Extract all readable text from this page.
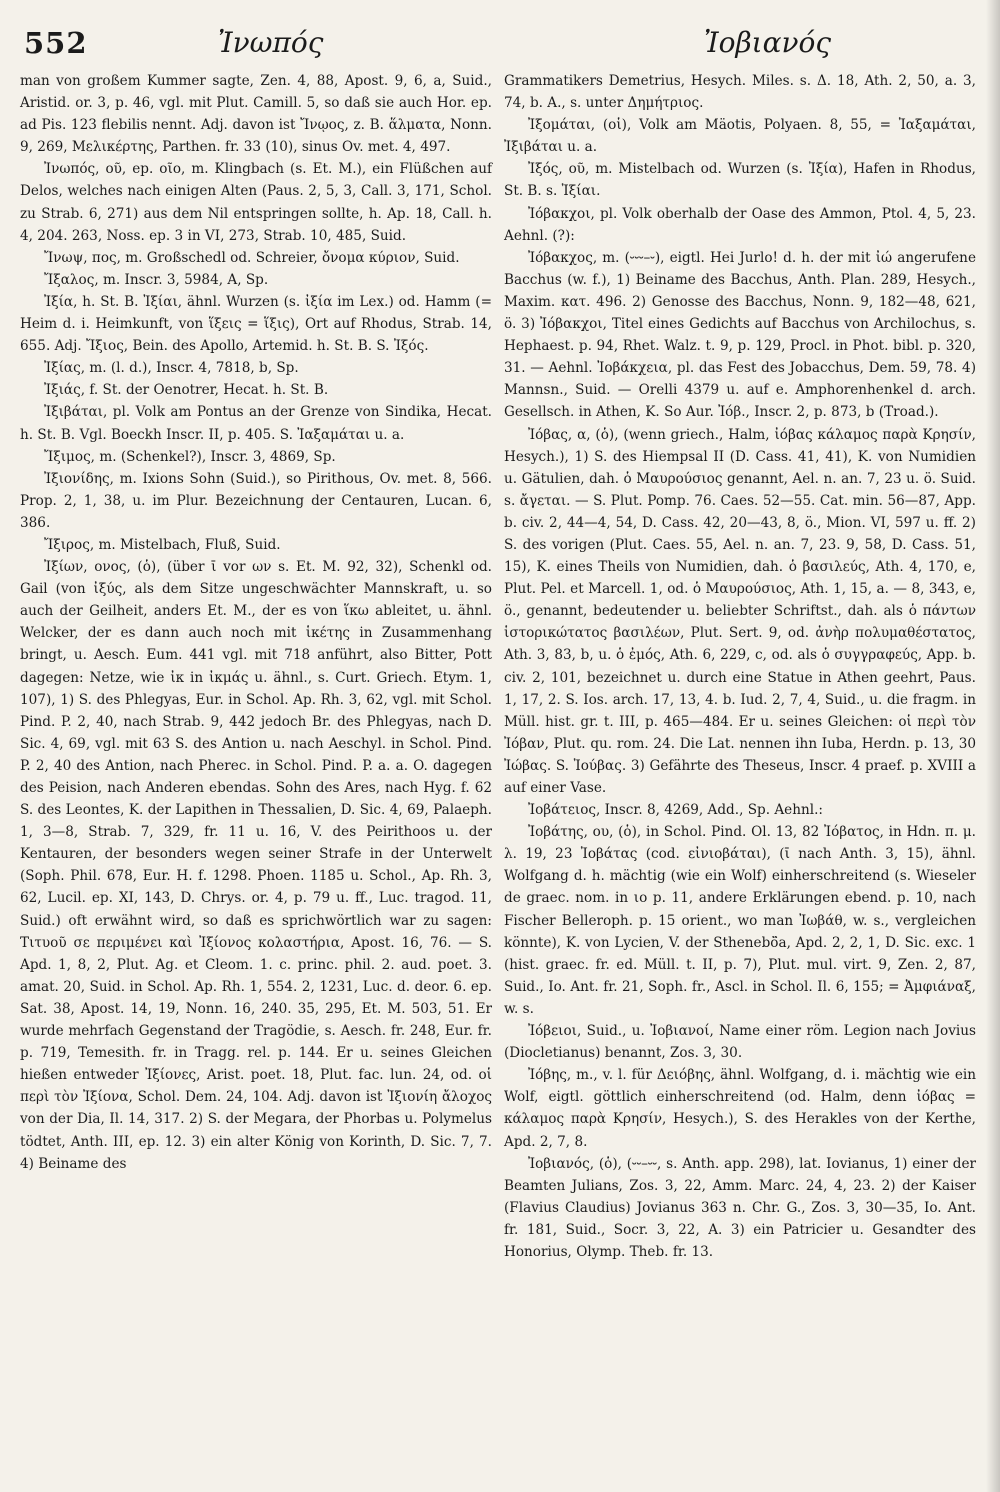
552	Ἰνωπός	Ἰοβιανός

man von großem Kummer sagte, Zen. 4, 88, Apost. 9, 6, a, Suid., Aristid. or. 3, p. 46, vgl. mit Plut. Camill. 5, so daß sie auch Hor. ep. ad Pis. 123 flebilis nennt. Adj. davon ist Ἴνῳος, z. B. ἅλματα, Nonn. 9, 269, Μελικέρτης, Parthen. fr. 33 (10), sinus Ov. met. 4, 497.

Ἰνωπός, οῦ, ep. οῖο, m. Klingbach (s. Et. M.), ein Flüßchen auf Delos, welches nach einigen Alten (Paus. 2, 5, 3, Call. 3, 171, Schol. zu Strab. 6, 271) aus dem Nil entspringen sollte, h. Ap. 18, Call. h. 4, 204. 263, Noss. ep. 3 in VI, 273, Strab. 10, 485, Suid.

Ἴνωψ, πος, m. Großschedl od. Schreier, ὄνομα κύριον, Suid.

Ἴξαλος, m. Inscr. 3, 5984, A, Sp.

Ἰξία, h. St. B. Ἰξίαι, ähnl. Wurzen (s. ἰξία im Lex.) od. Hamm (= Heim d. i. Heimkunft, von ἵξεις = ἵξις), Ort auf Rhodus, Strab. 14, 655. Adj. Ἴξιος, Bein. des Apollo, Artemid. h. St. B. S. Ἰξός.

Ἰξίας, m. (l. d.), Inscr. 4, 7818, b, Sp.

Ἰξιάς, f. St. der Oenotrer, Hecat. h. St. B.

Ἰξιβάται, pl. Volk am Pontus an der Grenze von Sindika, Hecat. h. St. B. Vgl. Boeckh Inscr. II, p. 405. S. Ἰαξαμάται u. a.

Ἴξιμος, m. (Schenkel?), Inscr. 3, 4869, Sp.

Ἰξιονίδης, m. Ixions Sohn (Suid.), so Pirithous, Ov. met. 8, 566. Prop. 2, 1, 38, u. im Plur. Bezeichnung der Centauren, Lucan. 6, 386.

Ἴξιρος, m. Mistelbach, Fluß, Suid.

Ἰξίων, ονος, (ὁ), (über ῑ vor ων s. Et. M. 92, 32), Schenkl od. Gail (von ἰξύς, als dem Sitze ungeschwächter Mannskraft, u. so auch der Geilheit, anders Et. M., der es von ἵκω ableitet, u. ähnl. Welcker, der es dann auch noch mit ἱκέτης in Zusammenhang bringt, u. Aesch. Eum. 441 vgl. mit 718 anführt, also Bitter, Pott dagegen: Netze, wie ἰκ in ἰκμάς u. ähnl., s. Curt. Griech. Etym. 1, 107), 1) S. des Phlegyas, Eur. in Schol. Ap. Rh. 3, 62, vgl. mit Schol. Pind. P. 2, 40, nach Strab. 9, 442 jedoch Br. des Phlegyas, nach D. Sic. 4, 69, vgl. mit 63 S. des Antion u. nach Aeschyl. in Schol. Pind. P. 2, 40 des Antion, nach Pherec. in Schol. Pind. P. a. a. O. dagegen des Peision, nach Anderen ebendas. Sohn des Ares, nach Hyg. f. 62 S. des Leontes, K. der Lapithen in Thessalien, D. Sic. 4, 69, Palaeph. 1, 3—8, Strab. 7, 329, fr. 11 u. 16, V. des Peirithoos u. der Kentauren, der besonders wegen seiner Strafe in der Unterwelt (Soph. Phil. 678, Eur. H. f. 1298. Phoen. 1185 u. Schol., Ap. Rh. 3, 62, Lucil. ep. XI, 143, D. Chrys. or. 4, p. 79 u. ff., Luc. tragod. 11, Suid.) oft erwähnt wird, so daß es sprichwörtlich war zu sagen: Τιτυοῦ σε περιμένει καὶ Ἰξίονος κολαστήρια, Apost. 16, 76. — S. Apd. 1, 8, 2, Plut. Ag. et Cleom. 1. c. princ. phil. 2. aud. poet. 3. amat. 20, Suid. in Schol. Ap. Rh. 1, 554. 2, 1231, Luc. d. deor. 6. ep. Sat. 38, Apost. 14, 19, Nonn. 16, 240. 35, 295, Et. M. 503, 51. Er wurde mehrfach Gegenstand der Tragödie, s. Aesch. fr. 248, Eur. fr. p. 719, Temesith. fr. in Tragg. rel. p. 144. Er u. seines Gleichen hießen entweder Ἰξίονες, Arist. poet. 18, Plut. fac. lun. 24, od. οἱ περὶ τὸν Ἰξίονα, Schol. Dem. 24, 104. Adj. davon ist Ἰξιονίη ἄλοχος von der Dia, Il. 14, 317. 2) S. der Megara, der Phorbas u. Polymelus tödtet, Anth. III, ep. 12. 3) ein alter König von Korinth, D. Sic. 7, 7. 4) Beiname des

Grammatikers Demetrius, Hesych. Miles. s. Δ. 18, Ath. 2, 50, a. 3, 74, b. A., s. unter Δημήτριος.

Ἰξομάται, (οἱ), Volk am Mäotis, Polyaen. 8, 55, = Ἰαξαμάται, Ἰξιβάται u. a.

Ἰξός, οῦ, m. Mistelbach od. Wurzen (s. Ἰξία), Hafen in Rhodus, St. B. s. Ἰξίαι.

Ἰόβακχοι, pl. Volk oberhalb der Oase des Ammon, Ptol. 4, 5, 23. Aehnl. (?):

Ἰόβακχος, m. (⏑⏑⏑–⏑), eigtl. Hei Jurlo! d. h. der mit ἰώ angerufene Bacchus (w. f.), 1) Beiname des Bacchus, Anth. Plan. 289, Hesych., Maxim. κατ. 496. 2) Genosse des Bacchus, Nonn. 9, 182—48, 621, ö. 3) Ἰόβακχοι, Titel eines Gedichts auf Bacchus von Archilochus, s. Hephaest. p. 94, Rhet. Walz. t. 9, p. 129, Procl. in Phot. bibl. p. 320, 31. — Aehnl. Ἰοβάκχεια, pl. das Fest des Jobacchus, Dem. 59, 78. 4) Mannsn., Suid. — Orelli 4379 u. auf e. Amphorenhenkel d. arch. Gesellsch. in Athen, K. So Aur. Ἰόβ., Inscr. 2, p. 873, b (Troad.).

Ἰόβας, α, (ὁ), (wenn griech., Halm, ἰόβας κάλαμος παρὰ Κρησίν, Hesych.), 1) S. des Hiempsal II (D. Cass. 41, 41), K. von Numidien u. Gätulien, dah. ὁ Μαυρούσιος genannt, Ael. n. an. 7, 23 u. ö. Suid. s. ἄγεται. — S. Plut. Pomp. 76. Caes. 52—55. Cat. min. 56—87, App. b. civ. 2, 44—4, 54, D. Cass. 42, 20—43, 8, ö., Mion. VI, 597 u. ff. 2) S. des vorigen (Plut. Caes. 55, Ael. n. an. 7, 23. 9, 58, D. Cass. 51, 15), K. eines Theils von Numidien, dah. ὁ βασιλεύς, Ath. 4, 170, e, Plut. Pel. et Marcell. 1, od. ὁ Μαυρούσιος, Ath. 1, 15, a. — 8, 343, e, ö., genannt, bedeutender u. beliebter Schriftst., dah. als ὁ πάντων ἱστορικώτατος βασιλέων, Plut. Sert. 9, od. ἀνὴρ πολυμαθέστατος, Ath. 3, 83, b, u. ὁ ἐμός, Ath. 6, 229, c, od. als ὁ συγγραφεύς, App. b. civ. 2, 101, bezeichnet u. durch eine Statue in Athen geehrt, Paus. 1, 17, 2. S. Ios. arch. 17, 13, 4. b. Iud. 2, 7, 4, Suid., u. die fragm. in Müll. hist. gr. t. III, p. 465—484. Er u. seines Gleichen: οἱ περὶ τὸν Ἰόβαν, Plut. qu. rom. 24. Die Lat. nennen ihn Iuba, Herdn. p. 13, 30 Ἰώβας. S. Ἰούβας. 3) Gefährte des Theseus, Inscr. 4 praef. p. XVIII a auf einer Vase.

Ἰοβάτειος, Inscr. 8, 4269, Add., Sp. Aehnl.:

Ἰοβάτης, ου, (ὁ), in Schol. Pind. Ol. 13, 82 Ἰόβατος, in Hdn. π. μ. λ. 19, 23 Ἰοβάτας (cod. εἰνιοβάται), (ῑ nach Anth. 3, 15), ähnl. Wolfgang d. h. mächtig (wie ein Wolf) einherschreitend (s. Wieseler de graec. nom. in ιο p. 11, andere Erklärungen ebend. p. 10, nach Fischer Belleroph. p. 15 orient., wo man Ἰωβάθ, w. s., vergleichen könnte), K. von Lycien, V. der Sthenebö̈a, Apd. 2, 2, 1, D. Sic. exc. 1 (hist. graec. fr. ed. Müll. t. II, p. 7), Plut. mul. virt. 9, Zen. 2, 87, Suid., Io. Ant. fr. 21, Soph. fr., Ascl. in Schol. Il. 6, 155; = Ἀμφιάναξ, w. s.

Ἰόβειοι, Suid., u. Ἰοβιανοί, Name einer röm. Legion nach Jovius (Diocletianus) benannt, Zos. 3, 30.

Ἰόβης, m., v. l. für Δειόβης, ähnl. Wolfgang, d. i. mächtig wie ein Wolf, eigtl. göttlich einherschreitend (od. Halm, denn ἰόβας = κάλαμος παρὰ Κρησίν, Hesych.), S. des Herakles von der Kerthe, Apd. 2, 7, 8.

Ἰοβιανός, (ὁ), (⏑⏑–⏑⏑, s. Anth. app. 298), lat. Iovianus, 1) einer der Beamten Julians, Zos. 3, 22, Amm. Marc. 24, 4, 23. 2) der Kaiser (Flavius Claudius) Jovianus 363 n. Chr. G., Zos. 3, 30—35, Io. Ant. fr. 181, Suid., Socr. 3, 22, A. 3) ein Patricier u. Gesandter des Honorius, Olymp. Theb. fr. 13.
